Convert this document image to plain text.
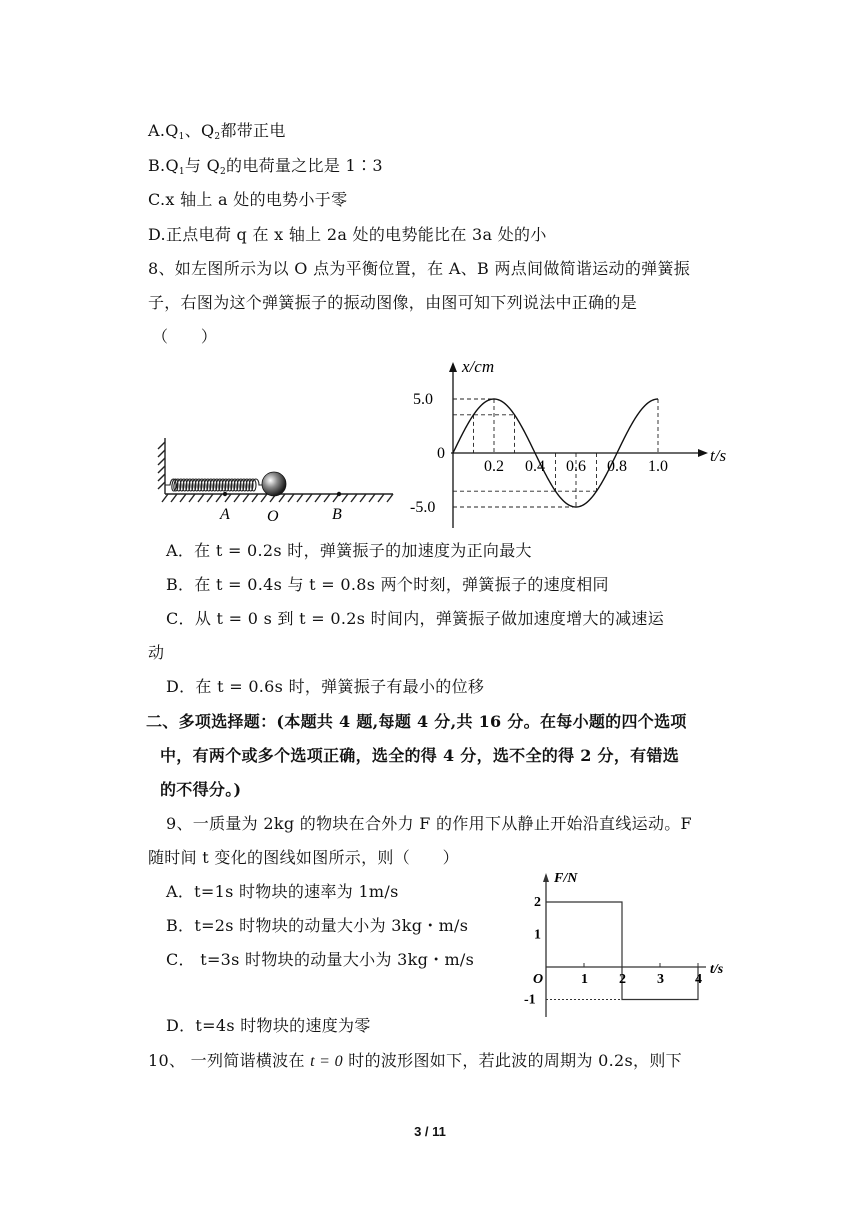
$A.Q_1$、$Q_2$都带正电
$B.Q_1$与 $Q_2$的电荷量之比是 1∶3
C.x 轴上 a 处的电势小于零
D.正点电荷 q 在 x 轴上 2a 处的电势能比在 3a 处的小
8、如左图所示为以 O 点为平衡位置，在 A、B 两点间做简谐运动的弹簧振
子，右图为这个弹簧振子的振动图像，由图可知下列说法中正确的是
（　　）
A O	B
0.2 0.4 0.6 0.8 1.0
5.0
0
-5.0
x/cm
t/s
A．在 t = 0.2s 时，弹簧振子的加速度为正向最大
B．在 t = 0.4s 与 t = 0.8s 两个时刻，弹簧振子的速度相同
C．从 t = 0 s 到 t = 0.2s 时间内，弹簧振子做加速度增大的减速运
动
D．在 t = 0.6s 时，弹簧振子有最小的位移
二、多项选择题：(本题共 4 题,每题 4 分,共 16 分。在每小题的四个选项
中，有两个或多个选项正确，选全的得 4 分，选不全的得 2 分，有错选
的不得分。)
9、一质量为 2kg 的物块在合外力 F 的作用下从静止开始沿直线运动。F
随时间 t 变化的图线如图所示，则（　　）
A．t=1s 时物块的速率为 1m/s
B．t=2s 时物块的动量大小为 3kg・m/s
C． t=3s 时物块的动量大小为 3kg・m/s
D．t=4s 时物块的速度为零
1 2 3 4
2
1
-1
O
F/N
t/s
10、 一列简谐横波在 t = 0 时的波形图如下，若此波的周期为 0.2s，则下
3 / 11
